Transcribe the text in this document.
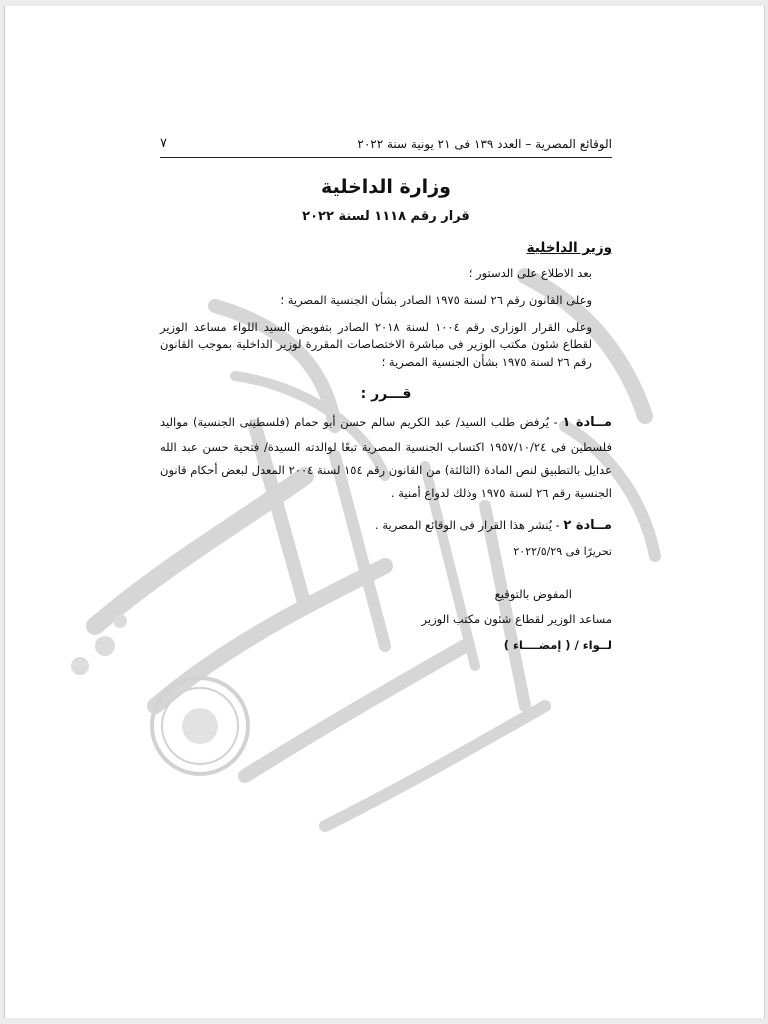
الوقائع المصرية – العدد ١٣٩ فى ٢١ يونية سنة ٢٠٢٢
٧
وزارة الداخلية
قرار رقم ١١١٨ لسنة ٢٠٢٢
وزير الداخلية
بعد الاطلاع على الدستور ؛
وعلى القانون رقم ٢٦ لسنة ١٩٧٥ الصادر بشأن الجنسية المصرية ؛
وعلى القرار الوزارى رقم ١٠٠٤ لسنة ٢٠١٨ الصادر بتفويض السيد اللواء مساعد الوزير لقطاع شئون مكتب الوزير فى مباشرة الاختصاصات المقررة لوزير الداخلية بموجب القانون رقم ٢٦ لسنة ١٩٧٥ بشأن الجنسية المصرية ؛
قـــرر :
مــادة ١ - يُرفض طلب السيد/ عبد الكريم سالم حسن أبو حمام (فلسطينى الجنسية) مواليد فلسطين فى ١٩٥٧/١٠/٢٤ اكتساب الجنسية المصرية تبعًا لوالدته السيدة/ فتحية حسن عبد الله عدايل بالتطبيق لنص المادة (الثالثة) من القانون رقم ١٥٤ لسنة ٢٠٠٤ المعدل لبعض أحكام قانون الجنسية رقم ٢٦ لسنة ١٩٧٥ وذلك لدواع أمنية .
مــادة ٢ - يُنشر هذا القرار فى الوقائع المصرية .
تحريرًا فى ٢٠٢٢/٥/٢٩
المفوض بالتوقيع
مساعد الوزير لقطاع شئون مكتب الوزير
لــواء / ( إمضــــاء )
